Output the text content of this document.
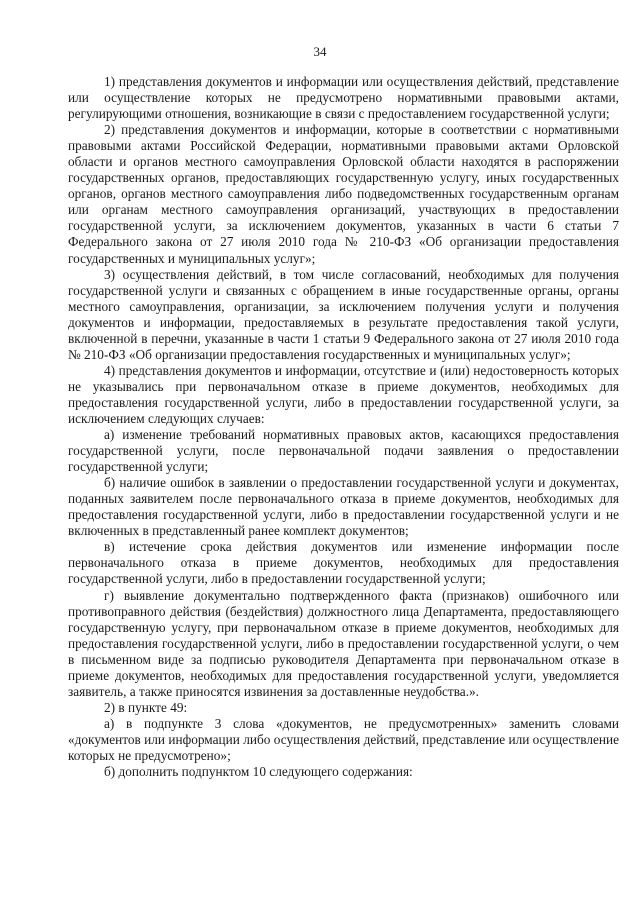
34

1) представления документов и информации или осуществления действий, представление или осуществление которых не предусмотрено нормативными правовыми актами, регулирующими отношения, возникающие в связи с предоставлением государственной услуги;

2) представления документов и информации, которые в соответствии с нормативными правовыми актами Российской Федерации, нормативными правовыми актами Орловской области и органов местного самоуправления Орловской области находятся в распоряжении государственных органов, предоставляющих государственную услугу, иных государственных органов, органов местного самоуправления либо подведомственных государственным органам или органам местного самоуправления организаций, участвующих в предоставлении государственной услуги, за исключением документов, указанных в части 6 статьи 7 Федерального закона от 27 июля 2010 года № 210-ФЗ «Об организации предоставления государственных и муниципальных услуг»;

3) осуществления действий, в том числе согласований, необходимых для получения государственной услуги и связанных с обращением в иные государственные органы, органы местного самоуправления, организации, за исключением получения услуги и получения документов и информации, предоставляемых в результате предоставления такой услуги, включенной в перечни, указанные в части 1 статьи 9 Федерального закона от 27 июля 2010 года № 210-ФЗ «Об организации предоставления государственных и муниципальных услуг»;

4) представления документов и информации, отсутствие и (или) недостоверность которых не указывались при первоначальном отказе в приеме документов, необходимых для предоставления государственной услуги, либо в предоставлении государственной услуги, за исключением следующих случаев:

а) изменение требований нормативных правовых актов, касающихся предоставления государственной услуги, после первоначальной подачи заявления о предоставлении государственной услуги;

б) наличие ошибок в заявлении о предоставлении государственной услуги и документах, поданных заявителем после первоначального отказа в приеме документов, необходимых для предоставления государственной услуги, либо в предоставлении государственной услуги и не включенных в представленный ранее комплект документов;

в) истечение срока действия документов или изменение информации после первоначального отказа в приеме документов, необходимых для предоставления государственной услуги, либо в предоставлении государственной услуги;

г) выявление документально подтвержденного факта (признаков) ошибочного или противоправного действия (бездействия) должностного лица Департамента, предоставляющего государственную услугу, при первоначальном отказе в приеме документов, необходимых для предоставления государственной услуги, либо в предоставлении государственной услуги, о чем в письменном виде за подписью руководителя Департамента при первоначальном отказе в приеме документов, необходимых для предоставления государственной услуги, уведомляется заявитель, а также приносятся извинения за доставленные неудобства.».

2) в пункте 49:

а) в подпункте 3 слова «документов, не предусмотренных» заменить словами «документов или информации либо осуществления действий, представление или осуществление которых не предусмотрено»;

б) дополнить подпунктом 10 следующего содержания:
